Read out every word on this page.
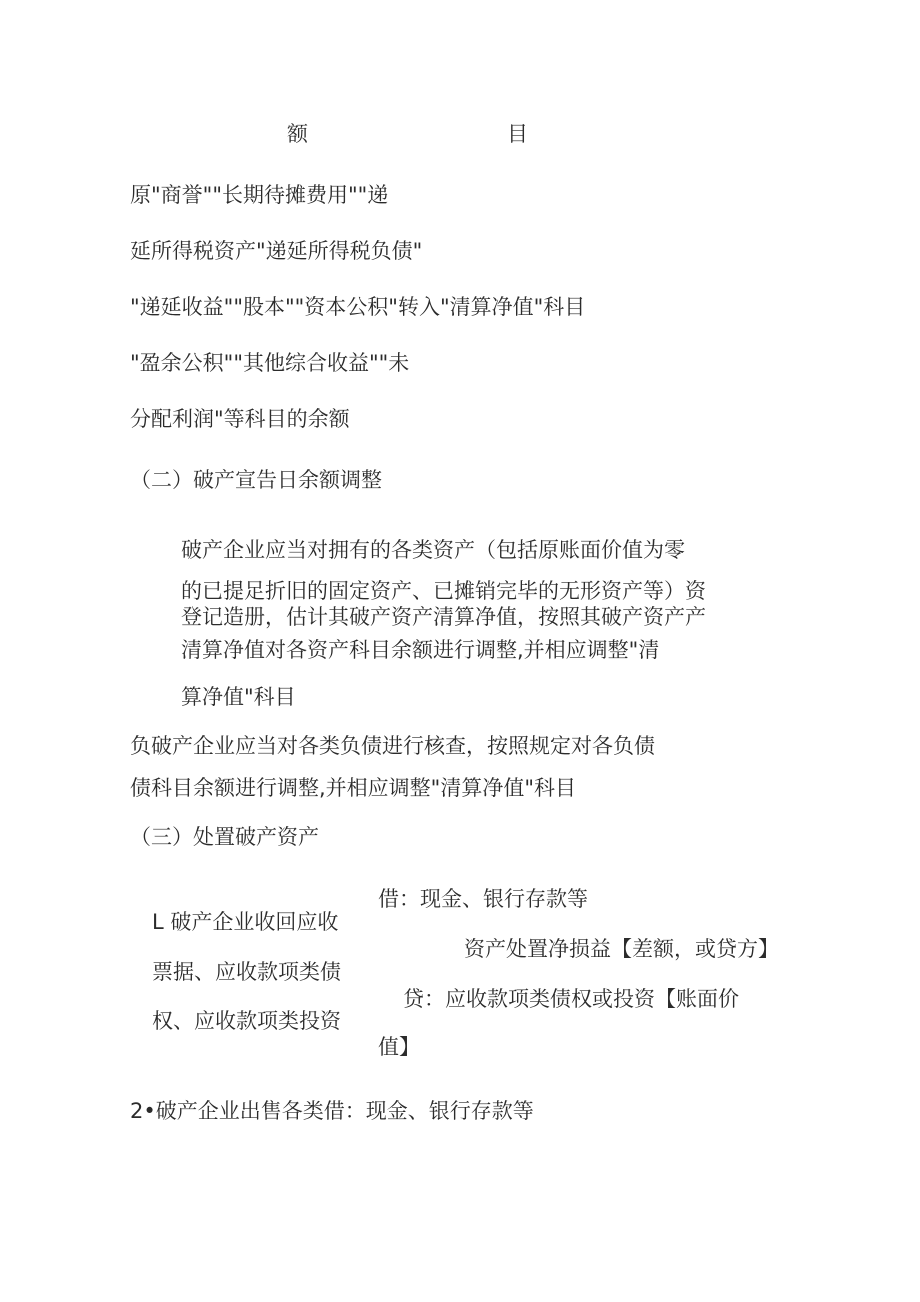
额	目
原"商誉""长期待摊费用""递
延所得税资产"递延所得税负债"
"递延收益""股本""资本公积"转入"清算净值"科目
"盈余公积""其他综合收益""未
分配利润"等科目的余额
（二）破产宣告日余额调整
破产企业应当对拥有的各类资产（包括原账面价值为零
的已提足折旧的固定资产、已摊销完毕的无形资产等）资
登记造册，估计其破产资产清算净值，按照其破产资产产
清算净值对各资产科目余额进行调整,并相应调整"清
算净值"科目
负破产企业应当对各类负债进行核查，按照规定对各负债
债科目余额进行调整,并相应调整"清算净值"科目
（三）处置破产资产
L 破产企业收回应收
票据、应收款项类债
权、应收款项类投资
借：现金、银行存款等
资产处置净损益【差额，或贷方】
贷：应收款项类债权或投资【账面价
值】
2•破产企业出售各类借：现金、银行存款等
